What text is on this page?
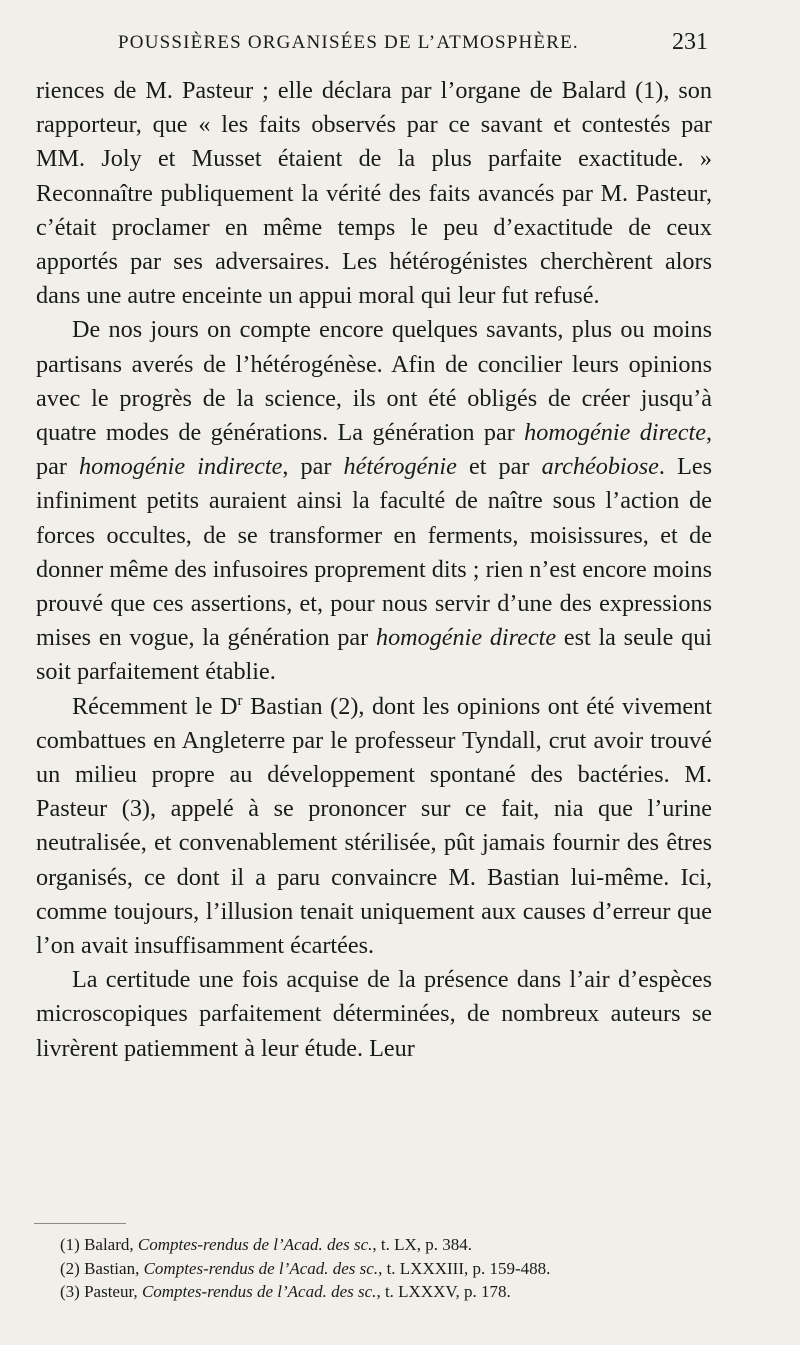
POUSSIÈRES ORGANISÉES DE L’ATMOSPHÈRE.	231

riences de M. Pasteur ; elle déclara par l’organe de Balard (1), son rapporteur, que « les faits observés par ce savant et contestés par MM. Joly et Musset étaient de la plus parfaite exactitude. » Reconnaître publiquement la vérité des faits avancés par M. Pasteur, c’était proclamer en même temps le peu d’exactitude de ceux apportés par ses adversaires. Les hétérogénistes cherchèrent alors dans une autre enceinte un appui moral qui leur fut refusé.

De nos jours on compte encore quelques savants, plus ou moins partisans averés de l’hétérogénèse. Afin de concilier leurs opinions avec le progrès de la science, ils ont été obligés de créer jusqu’à quatre modes de générations. La génération par homogénie directe, par homogénie indirecte, par hétérogénie et par archéobiose. Les infiniment petits auraient ainsi la faculté de naître sous l’action de forces occultes, de se transformer en ferments, moisissures, et de donner même des infusoires proprement dits ; rien n’est encore moins prouvé que ces assertions, et, pour nous servir d’une des expressions mises en vogue, la génération par homogénie directe est la seule qui soit parfaitement établie.

Récemment le $D^r$ Bastian (2), dont les opinions ont été vivement combattues en Angleterre par le professeur Tyndall, crut avoir trouvé un milieu propre au développement spontané des bactéries. M. Pasteur (3), appelé à se prononcer sur ce fait, nia que l’urine neutralisée, et convenablement stérilisée, pût jamais fournir des êtres organisés, ce dont il a paru convaincre M. Bastian lui-même. Ici, comme toujours, l’illusion tenait uniquement aux causes d’erreur que l’on avait insuffisamment écartées.

La certitude une fois acquise de la présence dans l’air d’espèces microscopiques parfaitement déterminées, de nombreux auteurs se livrèrent patiemment à leur étude. Leur

(1) Balard, Comptes-rendus de l’Acad. des sc., t. LX, p. 384.

(2) Bastian, Comptes-rendus de l’Acad. des sc., t. LXXXIII, p. 159-488.

(3) Pasteur, Comptes-rendus de l’Acad. des sc., t. LXXXV, p. 178.
